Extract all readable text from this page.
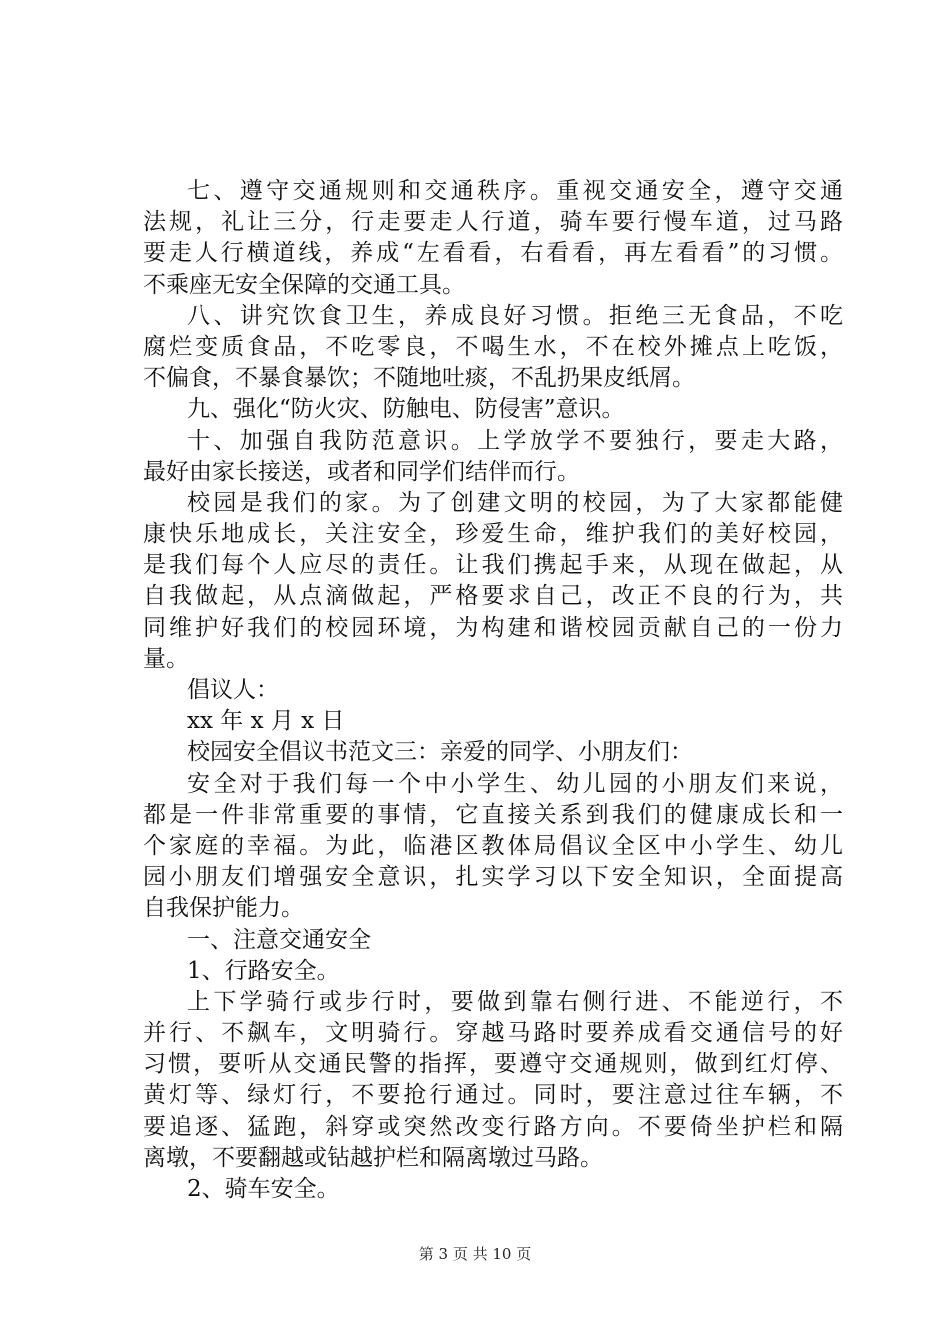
七、遵守交通规则和交通秩序。重视交通安全，遵守交通
法规，礼让三分，行走要走人行道，骑车要行慢车道，过马路
要走人行横道线，养成“左看看，右看看，再左看看”的习惯。
不乘座无安全保障的交通工具。
八、讲究饮食卫生，养成良好习惯。拒绝三无食品，不吃
腐烂变质食品，不吃零良，不喝生水，不在校外摊点上吃饭，
不偏食，不暴食暴饮；不随地吐痰，不乱扔果皮纸屑。
九、强化“防火灾、防触电、防侵害”意识。
十、加强自我防范意识。上学放学不要独行，要走大路，
最好由家长接送，或者和同学们结伴而行。
校园是我们的家。为了创建文明的校园，为了大家都能健
康快乐地成长，关注安全，珍爱生命，维护我们的美好校园，
是我们每个人应尽的责任。让我们携起手来，从现在做起，从
自我做起，从点滴做起，严格要求自己，改正不良的行为，共
同维护好我们的校园环境，为构建和谐校园贡献自己的一份力
量。
倡议人：
xx 年 x 月 x 日
校园安全倡议书范文三：亲爱的同学、小朋友们：
安全对于我们每一个中小学生、幼儿园的小朋友们来说，
都是一件非常重要的事情，它直接关系到我们的健康成长和一
个家庭的幸福。为此，临港区教体局倡议全区中小学生、幼儿
园小朋友们增强安全意识，扎实学习以下安全知识，全面提高
自我保护能力。
一、注意交通安全
1、行路安全。
上下学骑行或步行时，要做到靠右侧行进、不能逆行，不
并行、不飙车，文明骑行。穿越马路时要养成看交通信号的好
习惯，要听从交通民警的指挥，要遵守交通规则，做到红灯停、
黄灯等、绿灯行，不要抢行通过。同时，要注意过往车辆，不
要追逐、猛跑，斜穿或突然改变行路方向。不要倚坐护栏和隔
离墩，不要翻越或钻越护栏和隔离墩过马路。
2、骑车安全。
第 3 页 共 10 页
